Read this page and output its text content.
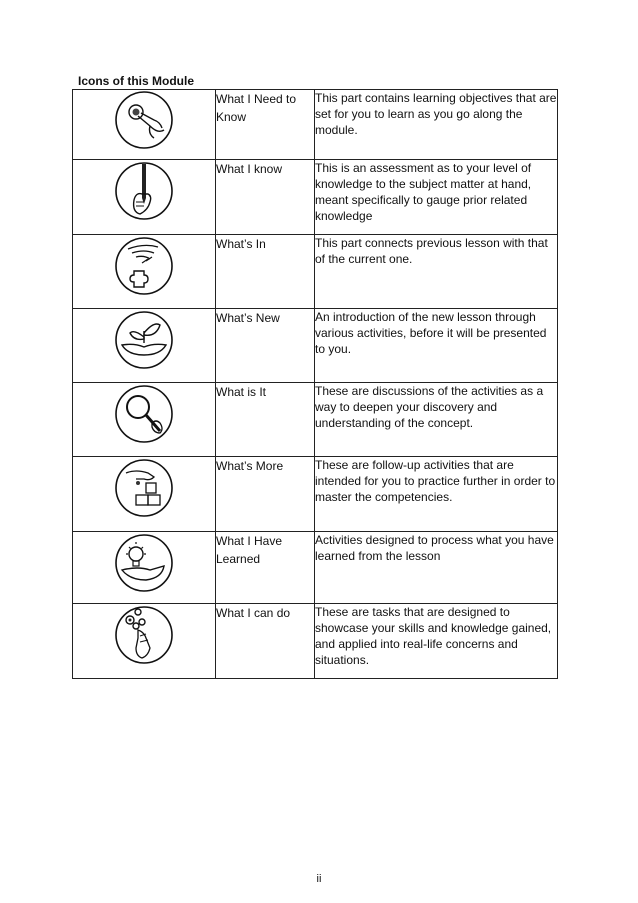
Icons of this Module
	What I Need to Know	This part contains learning objectives that are set for you to learn as you go along the module.

	What I know	This is an assessment as to your level of knowledge to the subject matter at hand, meant specifically to gauge prior related knowledge

	What’s In	This part connects previous lesson with that of the current one.

	What’s New	An introduction of the new lesson through various activities, before it will be presented to you.

	What is It	These are discussions of the activities as a way to deepen your discovery and understanding of the concept.

	What’s More	These are follow-up activities that are intended for you to practice further in order to master the competencies.

	What I Have Learned	Activities designed to process what you have learned from the lesson

	What I can do	These are tasks that are designed to showcase your skills and knowledge gained, and applied into real-life concerns and situations.
ii
